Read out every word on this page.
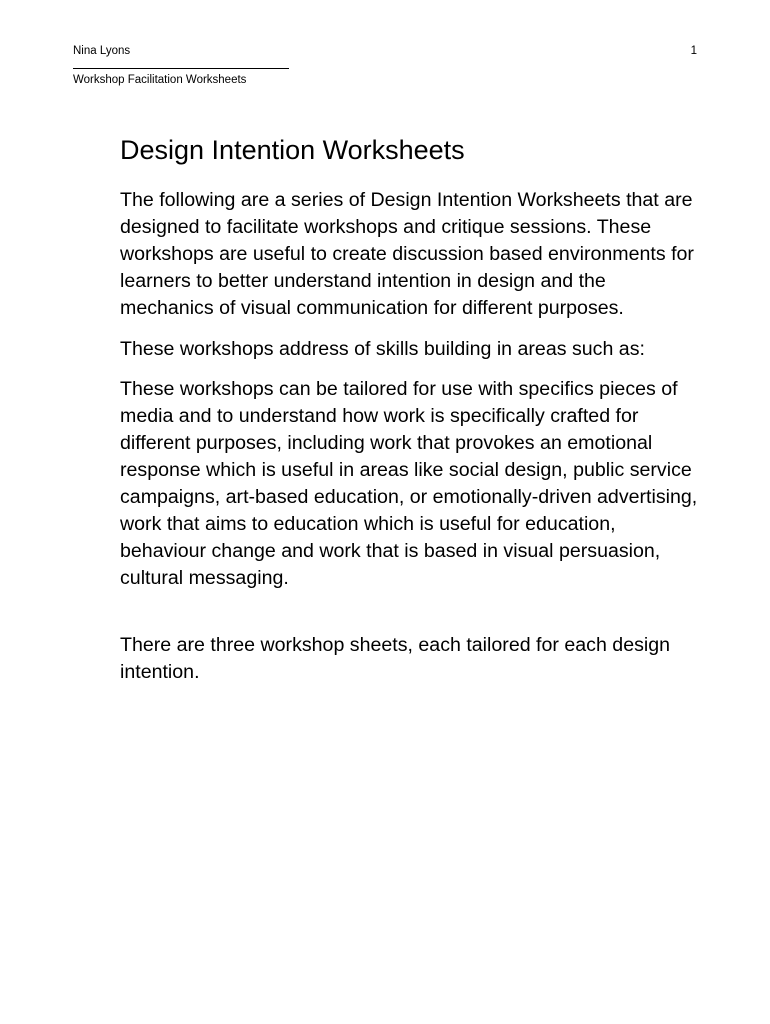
Nina Lyons	1
Workshop Facilitation Worksheets
Design Intention Worksheets

The following are a series of Design Intention Worksheets that are designed to facilitate workshops and critique sessions. These workshops are useful to create discussion based environments for learners to better understand intention in design and the mechanics of visual communication for different purposes.

These workshops address of skills building in areas such as:

These workshops can be tailored for use with specifics pieces of media and to understand how work is specifically crafted for different purposes, including work that provokes an emotional response which is useful in areas like social design, public service campaigns, art-based education, or emotionally-driven advertising, work that aims to education which is useful for education, behaviour change and work that is based in visual persuasion, cultural messaging.

There are three workshop sheets, each tailored for each design intention.
